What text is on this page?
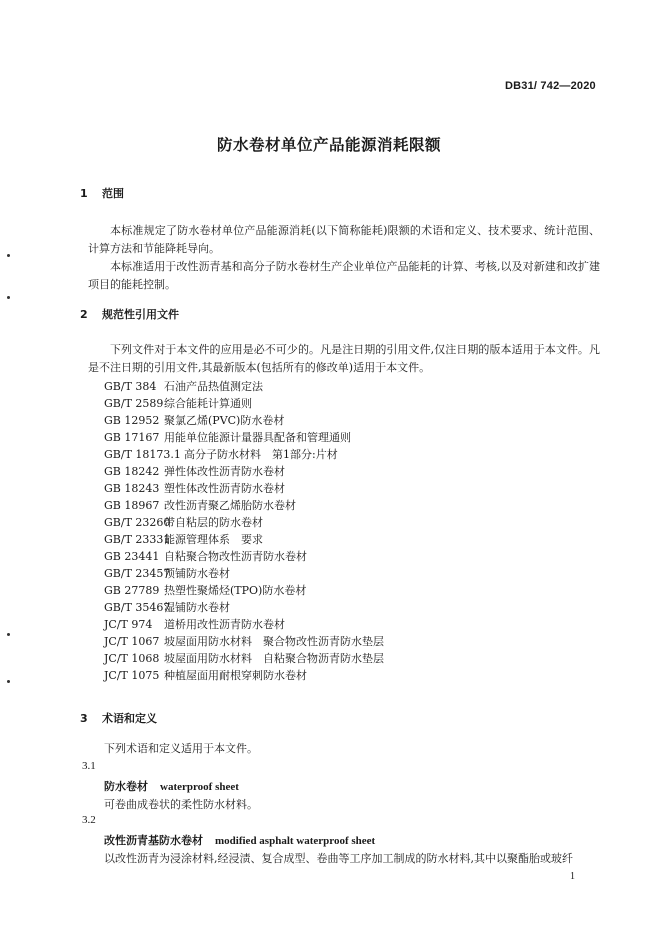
DB31/ 742—2020
防水卷材单位产品能源消耗限额
1 范围
本标准规定了防水卷材单位产品能源消耗(以下简称能耗)限额的术语和定义、技术要求、统计范围、计算方法和节能降耗导向。
本标准适用于改性沥青基和高分子防水卷材生产企业单位产品能耗的计算、考核,以及对新建和改扩建项目的能耗控制。
2 规范性引用文件
下列文件对于本文件的应用是必不可少的。凡是注日期的引用文件,仅注日期的版本适用于本文件。凡是不注日期的引用文件,其最新版本(包括所有的修改单)适用于本文件。
GB/T 384 石油产品热值测定法
GB/T 2589综合能耗计算通则
GB 12952 聚氯乙烯(PVC)防水卷材
GB 17167 用能单位能源计量器具配备和管理通则
GB/T 18173.1 高分子防水材料　第1部分:片材
GB 18242 弹性体改性沥青防水卷材
GB 18243 塑性体改性沥青防水卷材
GB 18967 改性沥青聚乙烯胎防水卷材
GB/T 23260带自粘层的防水卷材
GB/T 23331能源管理体系　要求
GB 23441 自粘聚合物改性沥青防水卷材
GB/T 23457预铺防水卷材
GB 27789 热塑性聚烯烃(TPO)防水卷材
GB/T 35467湿铺防水卷材
JC/T 974 道桥用改性沥青防水卷材
JC/T 1067 坡屋面用防水材料　聚合物改性沥青防水垫层
JC/T 1068 坡屋面用防水材料　自粘聚合物沥青防水垫层
JC/T 1075 种植屋面用耐根穿刺防水卷材
3 术语和定义
下列术语和定义适用于本文件。
3.1
防水卷材 waterproof sheet
可卷曲成卷状的柔性防水材料。
3.2
改性沥青基防水卷材 modified asphalt waterproof sheet
以改性沥青为浸涂材料,经浸渍、复合成型、卷曲等工序加工制成的防水材料,其中以聚酯胎或玻纤
1
